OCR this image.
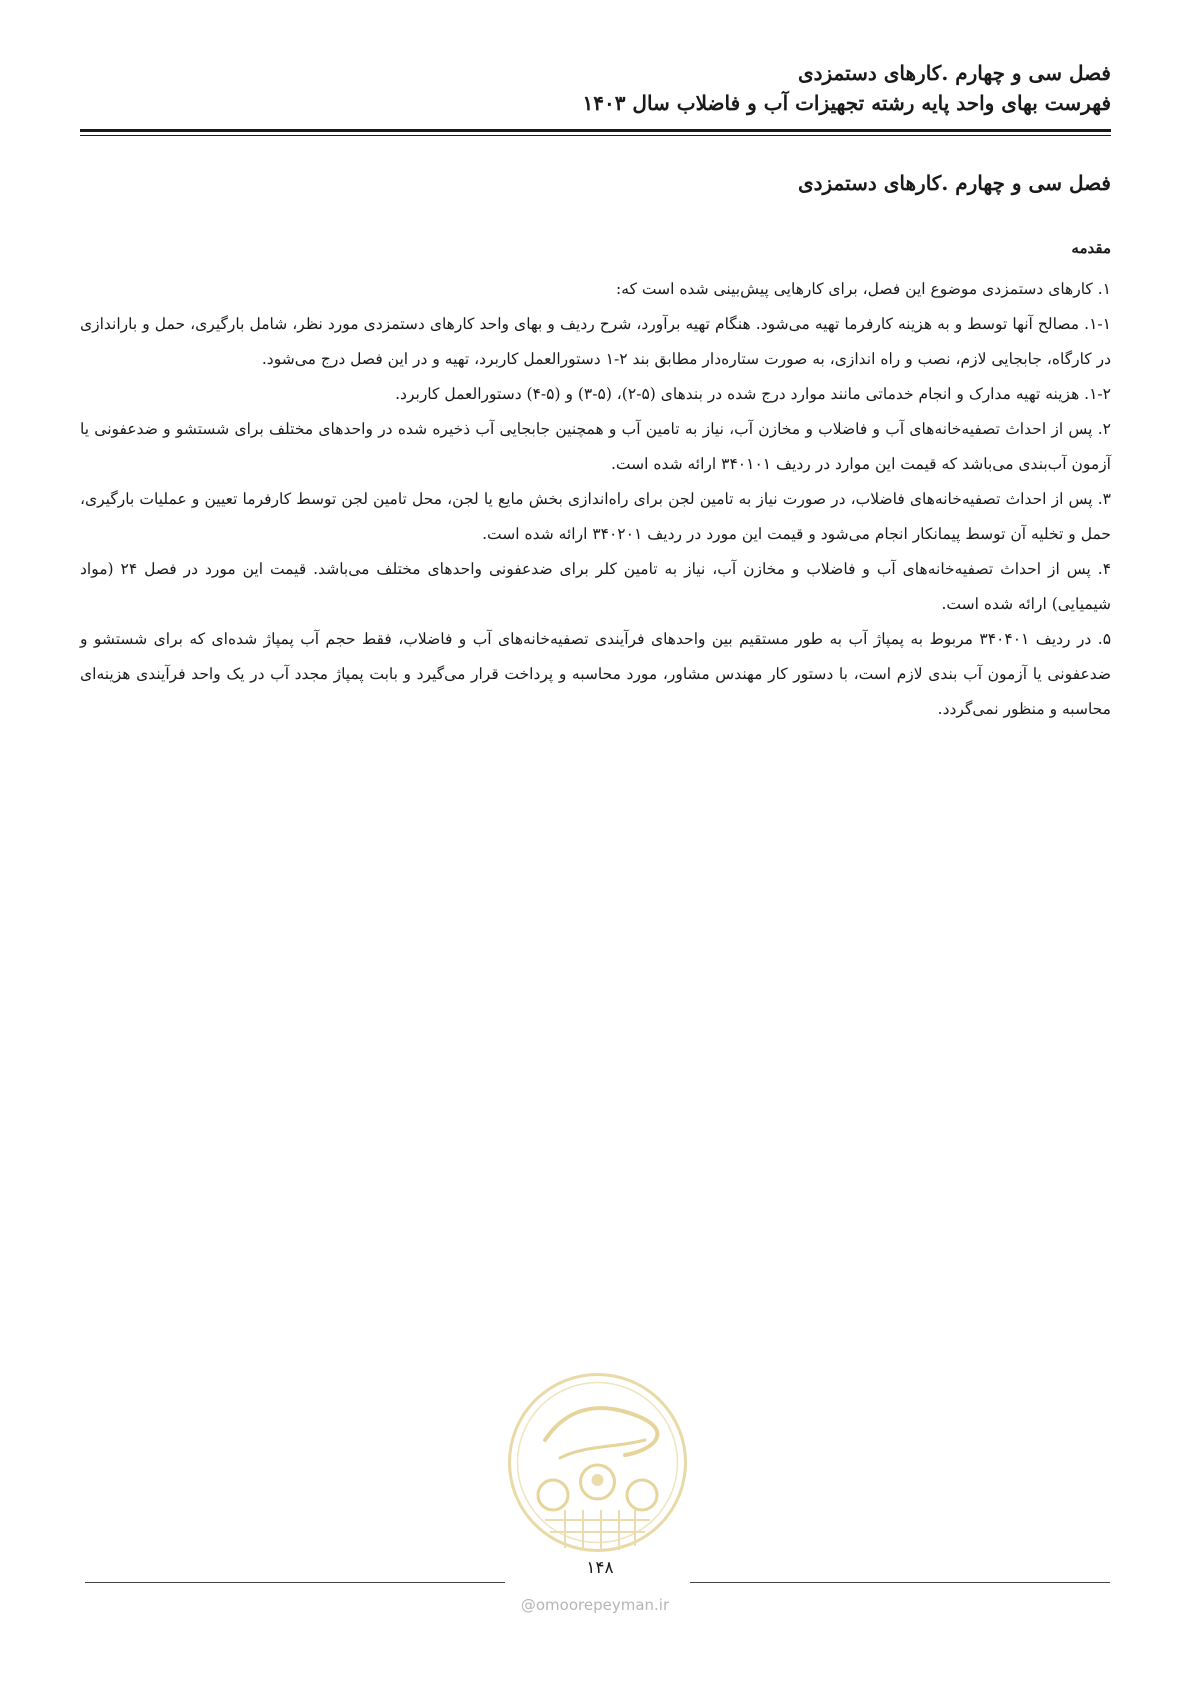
فصل سی و چهارم .کارهای دستمزدی
فهرست بهای واحد پایه رشته تجهیزات آب و فاضلاب سال ۱۴۰۳
فصل سی و چهارم .کارهای دستمزدی
مقدمه

۱. کارهای دستمزدی موضوع این فصل، برای کارهایی پیش‌بینی شده است که:

۱-۱. مصالح آنها توسط و به هزینه کارفرما تهیه می‌شود. هنگام تهیه برآورد، شرح ردیف و بهای واحد کارهای دستمزدی مورد نظر، شامل بارگیری، حمل و باراندازی در کارگاه، جابجایی لازم، نصب و راه اندازی، به صورت ستاره‌دار مطابق بند ۲-۱ دستورالعمل کاربرد، تهیه و در این فصل درج می‌شود.

۱-۲. هزینه تهیه مدارک و انجام خدماتی مانند موارد درج شده در بندهای (۵-۲)، (۵-۳) و (۵-۴) دستورالعمل کاربرد.

۲. پس از احداث تصفیه‌خانه‌های آب و فاضلاب و مخازن آب، نیاز به تامین آب و همچنین جابجایی آب ذخیره شده در واحدهای مختلف برای شستشو و ضدعفونی یا آزمون آب‌بندی می‌باشد که قیمت این موارد در ردیف ۳۴۰۱۰۱ ارائه شده است.

۳. پس از احداث تصفیه‌خانه‌های فاضلاب، در صورت نیاز به تامین لجن برای راه‌اندازی بخش مایع یا لجن، محل تامین لجن توسط کارفرما تعیین و عملیات بارگیری، حمل و تخلیه آن توسط پیمانکار انجام می‌شود و قیمت این مورد در ردیف ۳۴۰۲۰۱ ارائه شده است.

۴. پس از احداث تصفیه‌خانه‌های آب و فاضلاب و مخازن آب، نیاز به تامین کلر برای ضدعفونی واحدهای مختلف می‌باشد. قیمت این مورد در فصل ۲۴ (مواد شیمیایی) ارائه شده است.

۵. در ردیف ۳۴۰۴۰۱ مربوط به پمپاژ آب به طور مستقیم بین واحدهای فرآیندی تصفیه‌خانه‌های آب و فاضلاب، فقط حجم آب پمپاژ شده‌ای که برای شستشو و ضدعفونی یا آزمون آب بندی لازم است، با دستور کار مهندس مشاور، مورد محاسبه و پرداخت قرار می‌گیرد و بابت پمپاژ مجدد آب در یک واحد فرآیندی هزینه‌ای محاسبه و منظور نمی‌گردد.

۱۴۸
@omoorepeyman.ir
